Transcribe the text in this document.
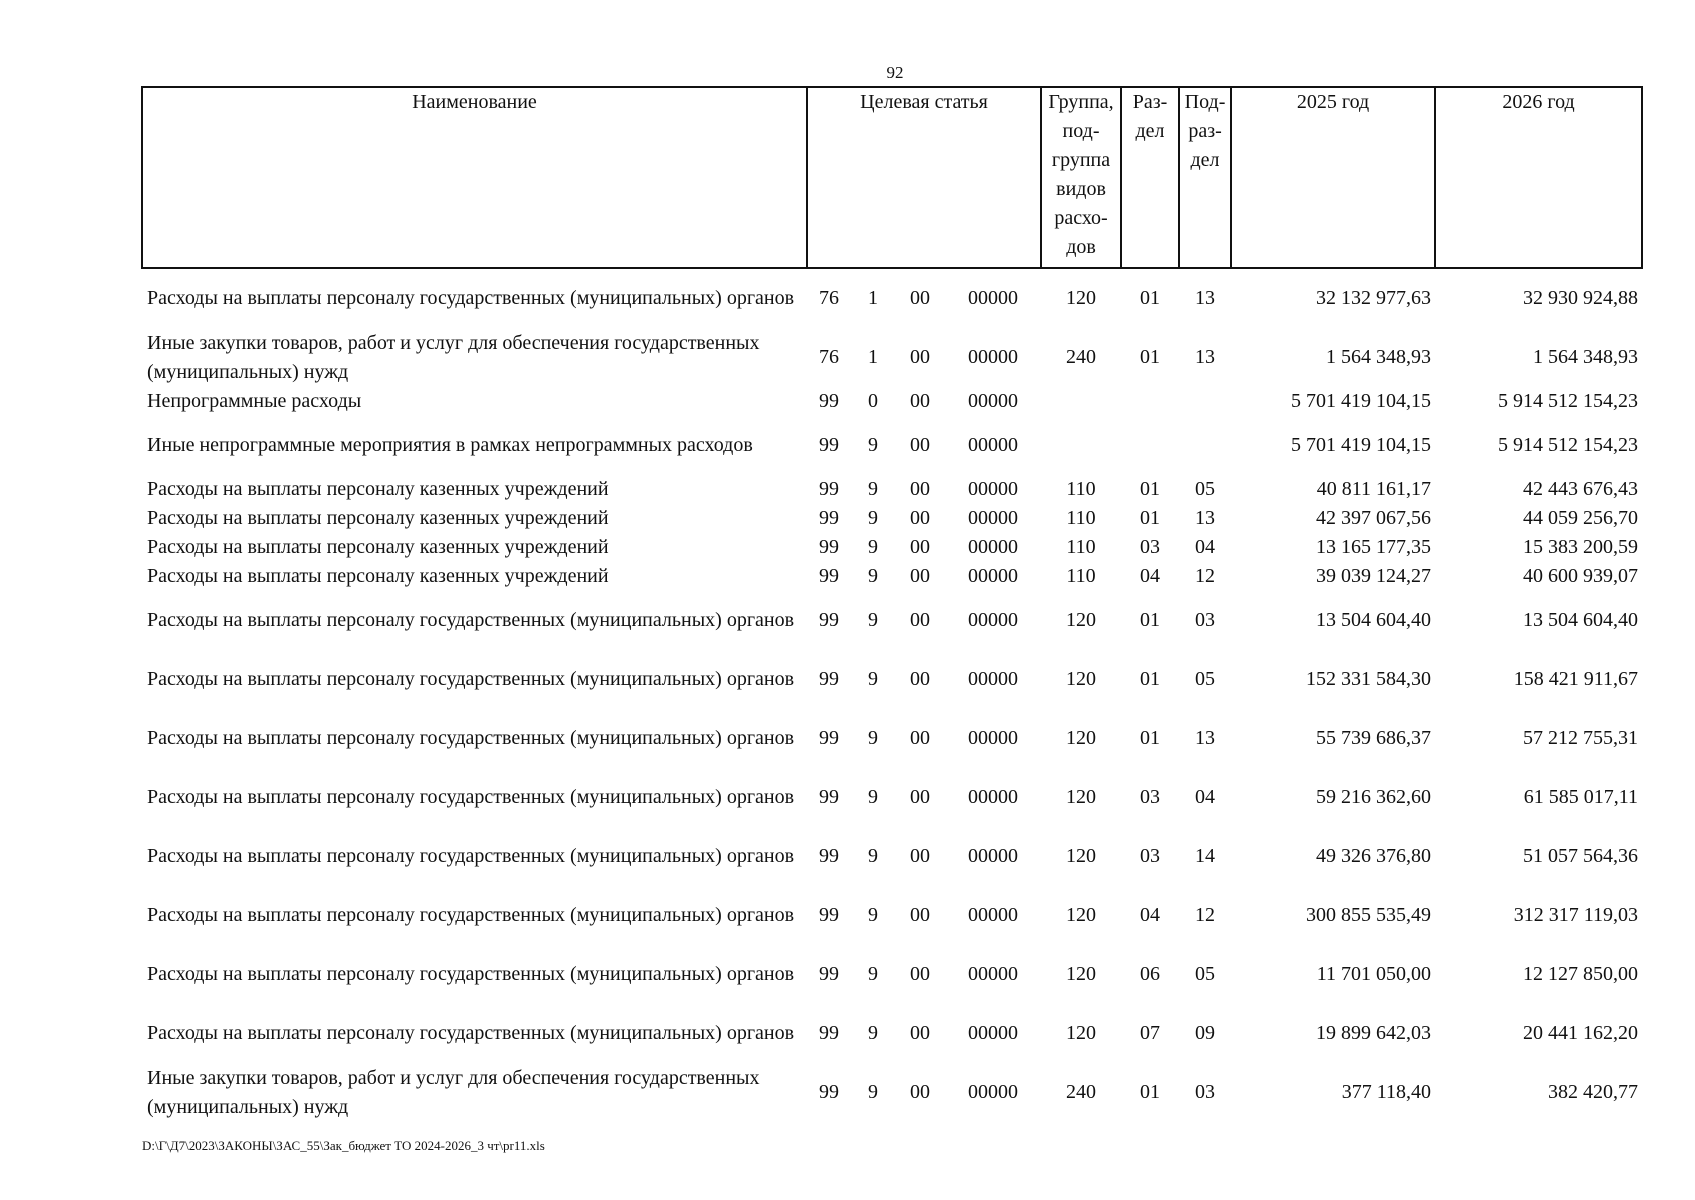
92
Наименование	Целевая статья				Группа, под-группа видов расхо-дов	Раз-дел	Под-раз-дел	2025 год	2026 год
Расходы на выплаты персоналу государственных (муниципальных) органов	76	1	00	00000	120	01	13	32 132 977,63	32 930 924,88
Иные закупки товаров, работ и услуг для обеспечения государственных (муниципальных) нужд	76	1	00	00000	240	01	13	1 564 348,93	1 564 348,93
Непрограммные расходы	99	0	00	00000				5 701 419 104,15	5 914 512 154,23
Иные непрограммные мероприятия в рамках непрограммных расходов	99	9	00	00000				5 701 419 104,15	5 914 512 154,23
Расходы на выплаты персоналу казенных учреждений	99	9	00	00000	110	01	05	40 811 161,17	42 443 676,43
Расходы на выплаты персоналу казенных учреждений	99	9	00	00000	110	01	13	42 397 067,56	44 059 256,70
Расходы на выплаты персоналу казенных учреждений	99	9	00	00000	110	03	04	13 165 177,35	15 383 200,59
Расходы на выплаты персоналу казенных учреждений	99	9	00	00000	110	04	12	39 039 124,27	40 600 939,07
Расходы на выплаты персоналу государственных (муниципальных) органов	99	9	00	00000	120	01	03	13 504 604,40	13 504 604,40
Расходы на выплаты персоналу государственных (муниципальных) органов	99	9	00	00000	120	01	05	152 331 584,30	158 421 911,67
Расходы на выплаты персоналу государственных (муниципальных) органов	99	9	00	00000	120	01	13	55 739 686,37	57 212 755,31
Расходы на выплаты персоналу государственных (муниципальных) органов	99	9	00	00000	120	03	04	59 216 362,60	61 585 017,11
Расходы на выплаты персоналу государственных (муниципальных) органов	99	9	00	00000	120	03	14	49 326 376,80	51 057 564,36
Расходы на выплаты персоналу государственных (муниципальных) органов	99	9	00	00000	120	04	12	300 855 535,49	312 317 119,03
Расходы на выплаты персоналу государственных (муниципальных) органов	99	9	00	00000	120	06	05	11 701 050,00	12 127 850,00
Расходы на выплаты персоналу государственных (муниципальных) органов	99	9	00	00000	120	07	09	19 899 642,03	20 441 162,20
Иные закупки товаров, работ и услуг для обеспечения государственных (муниципальных) нужд	99	9	00	00000	240	01	03	377 118,40	382 420,77
D:\Г\Д7\2023\ЗАКОНЫ\ЗАС_55\Зак_бюджет ТО 2024-2026_3 чт\pr11.xls
